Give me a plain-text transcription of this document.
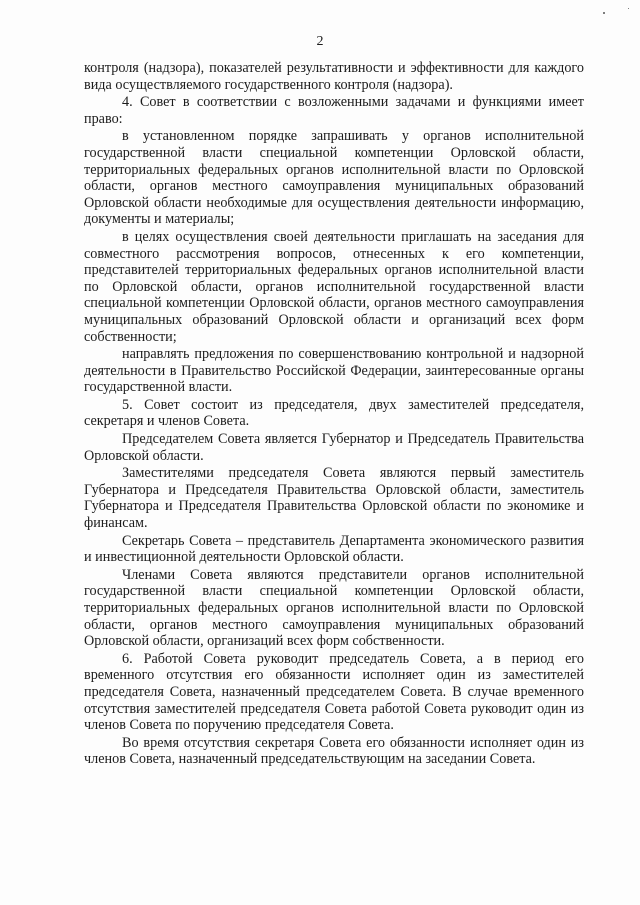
2

контроля (надзора), показателей результативности и эффективности для каждого вида осуществляемого государственного контроля (надзора).

4. Совет в соответствии с возложенными задачами и функциями имеет право:

в установленном порядке запрашивать у органов исполнительной государственной власти специальной компетенции Орловской области, территориальных федеральных органов исполнительной власти по Орловской области, органов местного самоуправления муниципальных образований Орловской области необходимые для осуществления деятельности информацию, документы и материалы;

в целях осуществления своей деятельности приглашать на заседания для совместного рассмотрения вопросов, отнесенных к его компетенции, представителей территориальных федеральных органов исполнительной власти по Орловской области, органов исполнительной государственной власти специальной компетенции Орловской области, органов местного самоуправления муниципальных образований Орловской области и организаций всех форм собственности;

направлять предложения по совершенствованию контрольной и надзорной деятельности в Правительство Российской Федерации, заинтересованные органы государственной власти.

5. Совет состоит из председателя, двух заместителей председателя, секретаря и членов Совета.

Председателем Совета является Губернатор и Председатель Правительства Орловской области.

Заместителями председателя Совета являются первый заместитель Губернатора и Председателя Правительства Орловской области, заместитель Губернатора и Председателя Правительства Орловской области по экономике и финансам.

Секретарь Совета – представитель Департамента экономического развития и инвестиционной деятельности Орловской области.

Членами Совета являются представители органов исполнительной государственной власти специальной компетенции Орловской области, территориальных федеральных органов исполнительной власти по Орловской области, органов местного самоуправления муниципальных образований Орловской области, организаций всех форм собственности.

6. Работой Совета руководит председатель Совета, а в период его временного отсутствия его обязанности исполняет один из заместителей председателя Совета, назначенный председателем Совета. В случае временного отсутствия заместителей председателя Совета работой Совета руководит один из членов Совета по поручению председателя Совета.

Во время отсутствия секретаря Совета его обязанности исполняет один из членов Совета, назначенный председательствующим на заседании Совета.
